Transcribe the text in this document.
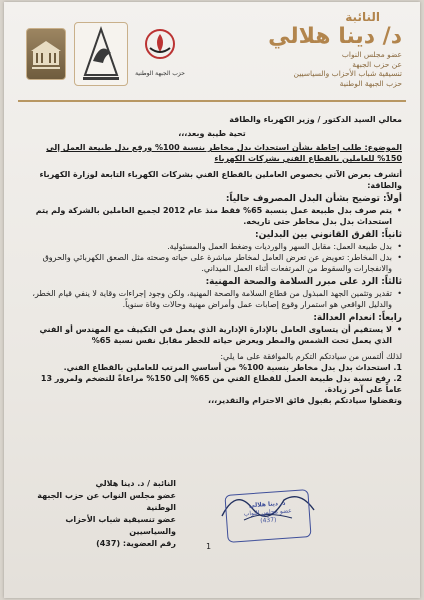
حزب الجبهة الوطنية
النائبة
د/ دينا هلالي
عضو مجلس النواب
عن حزب الجبهة
تنسيقية شباب الأحزاب والسياسيين
حزب الجبهة الوطنية

معالي السيد الدكتور / وزير الكهرباء والطاقة

تحية طيبة وبعد،،،

الموضوع: طلب إحاطة بشأن استحداث بدل مخاطر بنسبة 100% ورفع بدل طبيعة العمل إلى 150% للعاملين بالقطاع الفني بشركات الكهرباء

أتشرف بعرض الآتي بخصوص العاملين بالقطاع الفني بشركات الكهرباء التابعة لوزارة الكهرباء والطاقة:

أولاً: توضيح بشأن البدل المصروف حالياً:

• يتم صرف بدل طبيعة عمل بنسبة 65% فقط منذ عام 2012 لجميع العاملين بالشركة ولم يتم استحداث بدل بدل مخاطر حتى تاريخه.

ثانياً: الفرق القانوني بين البدلين:

• بدل طبيعة العمل: مقابل السهر والورديات وضغط العمل والمسئولية.

• بدل المخاطر: تعويض عن تعرض العامل لمخاطر مباشرة على حياته وصحته مثل الصعق الكهربائي والحروق والانفجارات والسقوط من المرتفعات أثناء العمل الميداني.

ثالثاً: الرد على مبرر السلامة والصحة المهنية:

• تقدير وتثمين الجهد المبذول من قطاع السلامة والصحة المهنية، ولكن وجود إجراءات وقاية لا ينفي قيام الخطر، والدليل الواقعي هو استمرار وقوع إصابات عمل وأمراض مهنية وحالات وفاة سنوياً.

رابعاً: انعدام العدالة:

• لا يستقيم أن يتساوى العامل بالإدارة الإدارية الذي يعمل في التكييف مع المهندس أو الفني الذي يعمل تحت الشمس والمطر ويعرض حياته للخطر مقابل نفس نسبة 65%

لذلك ألتمس من سيادتكم التكرم بالموافقة على ما يلي:

1. استحداث بدل بدل مخاطر بنسبة 100% من أساسي المرتب للعاملين بالقطاع الفني.

2. رفع نسبة بدل طبيعة العمل للقطاع الفني من 65% إلى 150% مراعاةً للتضخم ولمرور 13 عاماً على آخر زيادة.

وتفضلوا سيادتكم بقبول فائق الاحترام والتقدير،،،

د. دينا هلالي
عضو مجلس النواب
(437)
النائبة / د. دينا هلالي
عضو مجلس النواب عن حزب الجبهة الوطنية
عضو تنسيقية شباب الأحزاب والسياسيين
رقم العضوية: (437)	1
